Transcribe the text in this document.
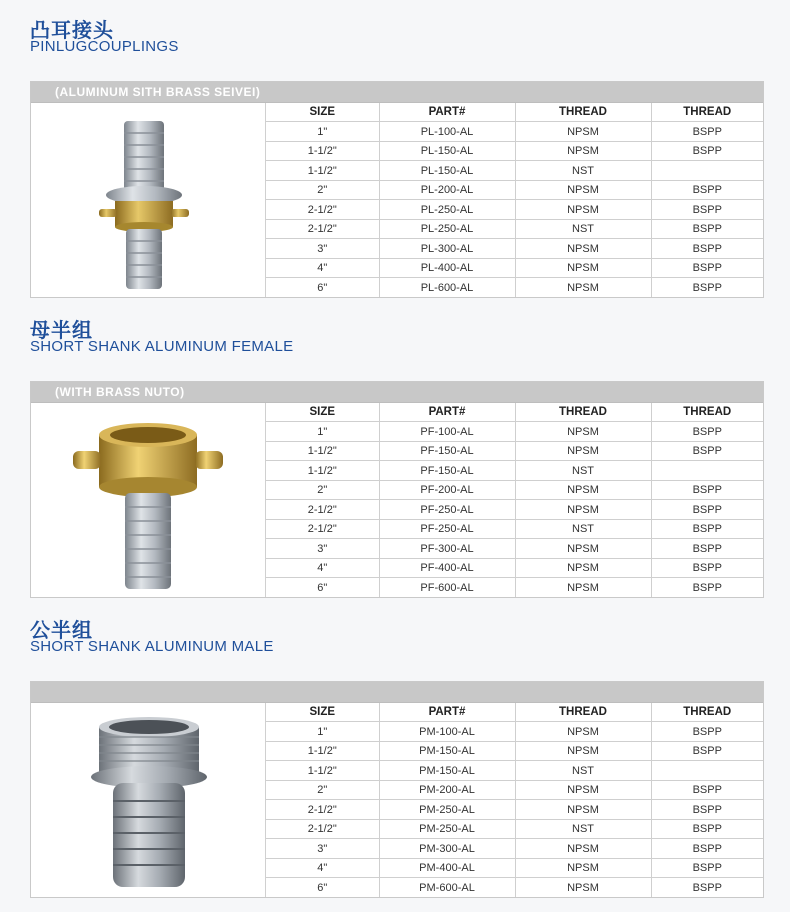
凸耳接头
PINLUGCOUPLINGS
(ALUMINUM SITH BRASS SEIVEI)
SIZE	PART#	THREAD	THREAD
1"	PL-100-AL	NPSM	BSPP
1-1/2"	PL-150-AL	NPSM	BSPP
1-1/2"	PL-150-AL	NST	
2"	PL-200-AL	NPSM	BSPP
2-1/2"	PL-250-AL	NPSM	BSPP
2-1/2"	PL-250-AL	NST	BSPP
3"	PL-300-AL	NPSM	BSPP
4"	PL-400-AL	NPSM	BSPP
6"	PL-600-AL	NPSM	BSPP
母半组
SHORT SHANK ALUMINUM FEMALE
(WITH BRASS NUTO)
SIZE	PART#	THREAD	THREAD
1"	PF-100-AL	NPSM	BSPP
1-1/2"	PF-150-AL	NPSM	BSPP
1-1/2"	PF-150-AL	NST	
2"	PF-200-AL	NPSM	BSPP
2-1/2"	PF-250-AL	NPSM	BSPP
2-1/2"	PF-250-AL	NST	BSPP
3"	PF-300-AL	NPSM	BSPP
4"	PF-400-AL	NPSM	BSPP
6"	PF-600-AL	NPSM	BSPP
公半组
SHORT SHANK ALUMINUM MALE
SIZE	PART#	THREAD	THREAD
1"	PM-100-AL	NPSM	BSPP
1-1/2"	PM-150-AL	NPSM	BSPP
1-1/2"	PM-150-AL	NST	
2"	PM-200-AL	NPSM	BSPP
2-1/2"	PM-250-AL	NPSM	BSPP
2-1/2"	PM-250-AL	NST	BSPP
3"	PM-300-AL	NPSM	BSPP
4"	PM-400-AL	NPSM	BSPP
6"	PM-600-AL	NPSM	BSPP
